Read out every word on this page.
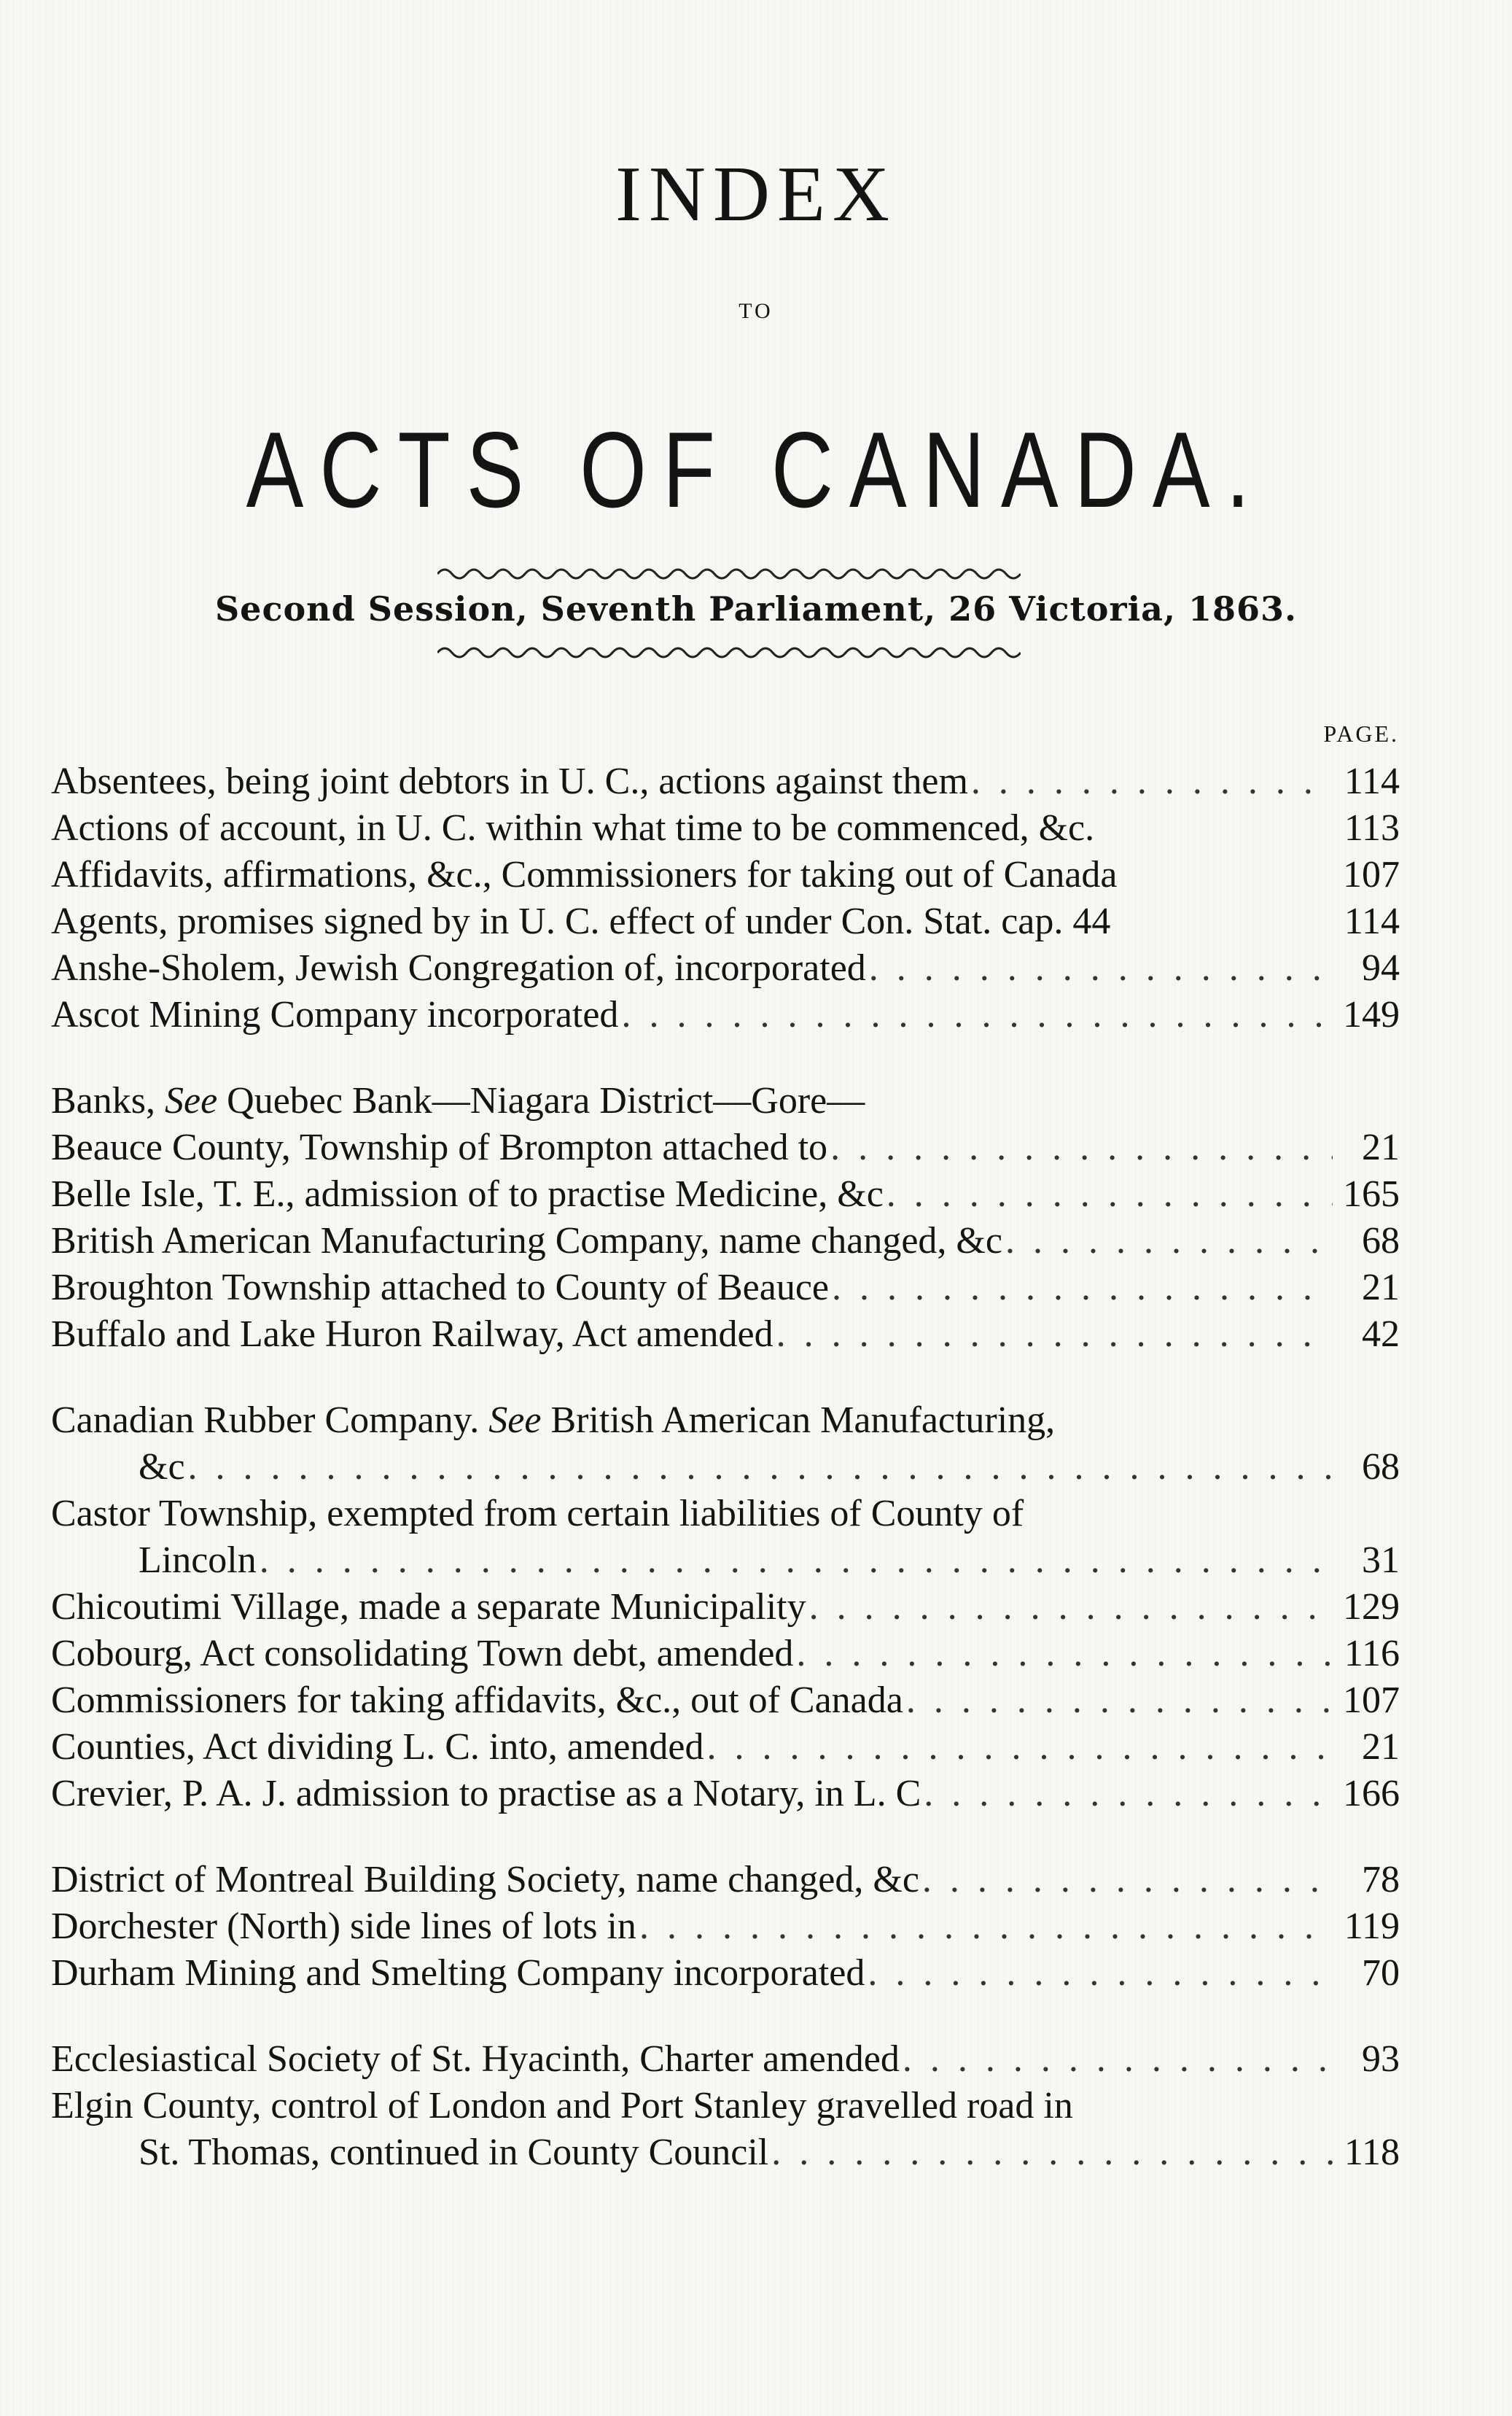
INDEX
TO
ACTS OF CANADA.
Second Session, Seventh Parliament, 26 Victoria, 1863.
PAGE.
Absentees, being joint debtors in U. C., actions against them . . .	114
Actions of account, in U. C. within what time to be commenced, &c.	113
Affidavits, affirmations, &c., Commissioners for taking out of Canada	107
Agents, promises signed by in U. C. effect of under Con. Stat. cap. 44	114
Anshe-Sholem, Jewish Congregation of, incorporated . . .	94
Ascot Mining Company incorporated . . .	149
Banks, See Quebec Bank—Niagara District—Gore—
Beauce County, Township of Brompton attached to . . .	21
Belle Isle, T. E., admission of to practise Medicine, &c . . .	165
British American Manufacturing Company, name changed, &c . . .	68
Broughton Township attached to County of Beauce . . .	21
Buffalo and Lake Huron Railway, Act amended . . .	42
Canadian Rubber Company. See British American Manufacturing,
&c . . .	68
Castor Township, exempted from certain liabilities of County of
Lincoln . . .	31
Chicoutimi Village, made a separate Municipality . . .	129
Cobourg, Act consolidating Town debt, amended . . .	116
Commissioners for taking affidavits, &c., out of Canada . . .	107
Counties, Act dividing L. C. into, amended . . .	21
Crevier, P. A. J. admission to practise as a Notary, in L. C . . .	166
District of Montreal Building Society, name changed, &c . . .	78
Dorchester (North) side lines of lots in . . .	119
Durham Mining and Smelting Company incorporated . . .	70
Ecclesiastical Society of St. Hyacinth, Charter amended . . .	93
Elgin County, control of London and Port Stanley gravelled road in
St. Thomas, continued in County Council . . .	118
